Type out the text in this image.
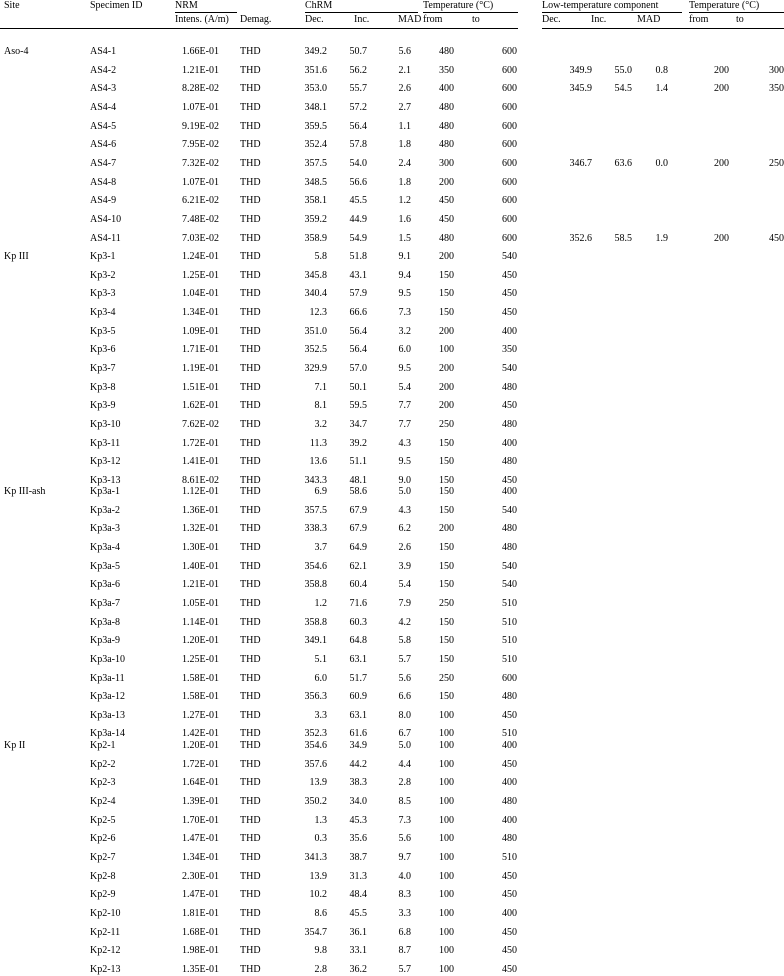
Site	Specimen ID	NRM
Intens. (A/m) Demag.
ChRM
Dec.	Inc.	MAD
Temperature (°C)
from	to
Low-temperature component
Dec.	Inc.	MAD
Temperature (°C)
from	to
Aso-4	AS4-1	1.66E-01 THD	349.2	50.7	5.6	480	600
AS4-2	1.21E-01 THD	351.6	56.2	2.1	350	600	349.9	55.0	0.8	200	300
AS4-3	8.28E-02 THD	353.0	55.7	2.6	400	600	345.9	54.5	1.4	200	350
AS4-4	1.07E-01 THD	348.1	57.2	2.7	480	600
AS4-5	9.19E-02 THD	359.5	56.4	1.1	480	600
AS4-6	7.95E-02 THD	352.4	57.8	1.8	480	600
AS4-7	7.32E-02 THD	357.5	54.0	2.4	300	600	346.7	63.6	0.0	200	250
AS4-8	1.07E-01 THD	348.5	56.6	1.8	200	600
AS4-9	6.21E-02 THD	358.1	45.5	1.2	450	600
AS4-10	7.48E-02 THD	359.2	44.9	1.6	450	600
AS4-11	7.03E-02 THD	358.9	54.9	1.5	480	600	352.6	58.5	1.9	200	450
Kp III	Kp3-1	1.24E-01 THD	5.8	51.8	9.1	200	540
Kp3-2	1.25E-01 THD	345.8	43.1	9.4	150	450
Kp3-3	1.04E-01 THD	340.4	57.9	9.5	150	450
Kp3-4	1.34E-01 THD	12.3	66.6	7.3	150	450
Kp3-5	1.09E-01 THD	351.0	56.4	3.2	200	400
Kp3-6	1.71E-01 THD	352.5	56.4	6.0	100	350
Kp3-7	1.19E-01 THD	329.9	57.0	9.5	200	540
Kp3-8	1.51E-01 THD	7.1	50.1	5.4	200	480
Kp3-9	1.62E-01 THD	8.1	59.5	7.7	200	450
Kp3-10	7.62E-02 THD	3.2	34.7	7.7	250	480
Kp3-11	1.72E-01 THD	11.3	39.2	4.3	150	400
Kp3-12	1.41E-01 THD	13.6	51.1	9.5	150	480
Kp3-13	8.61E-02 THD	343.3	48.1	9.0	150	450
Kp III-ash	Kp3a-1	1.12E-01 THD	6.9	58.6	5.0	150	400
Kp3a-2	1.36E-01 THD	357.5	67.9	4.3	150	540
Kp3a-3	1.32E-01 THD	338.3	67.9	6.2	200	480
Kp3a-4	1.30E-01 THD	3.7	64.9	2.6	150	480
Kp3a-5	1.40E-01 THD	354.6	62.1	3.9	150	540
Kp3a-6	1.21E-01 THD	358.8	60.4	5.4	150	540
Kp3a-7	1.05E-01 THD	1.2	71.6	7.9	250	510
Kp3a-8	1.14E-01 THD	358.8	60.3	4.2	150	510
Kp3a-9	1.20E-01 THD	349.1	64.8	5.8	150	510
Kp3a-10	1.25E-01 THD	5.1	63.1	5.7	150	510
Kp3a-11	1.58E-01 THD	6.0	51.7	5.6	250	600
Kp3a-12	1.58E-01 THD	356.3	60.9	6.6	150	480
Kp3a-13	1.27E-01 THD	3.3	63.1	8.0	100	450
Kp3a-14	1.42E-01 THD	352.3	61.6	6.7	100	510
Kp II	Kp2-1	1.20E-01 THD	354.6	34.9	5.0	100	400
Kp2-2	1.72E-01 THD	357.6	44.2	4.4	100	450
Kp2-3	1.64E-01 THD	13.9	38.3	2.8	100	400
Kp2-4	1.39E-01 THD	350.2	34.0	8.5	100	480
Kp2-5	1.70E-01 THD	1.3	45.3	7.3	100	400
Kp2-6	1.47E-01 THD	0.3	35.6	5.6	100	480
Kp2-7	1.34E-01 THD	341.3	38.7	9.7	100	510
Kp2-8	2.30E-01 THD	13.9	31.3	4.0	100	450
Kp2-9	1.47E-01 THD	10.2	48.4	8.3	100	450
Kp2-10	1.81E-01 THD	8.6	45.5	3.3	100	400
Kp2-11	1.68E-01 THD	354.7	36.1	6.8	100	450
Kp2-12	1.98E-01 THD	9.8	33.1	8.7	100	450
Kp2-13	1.35E-01 THD	2.8	36.2	5.7	100	450
